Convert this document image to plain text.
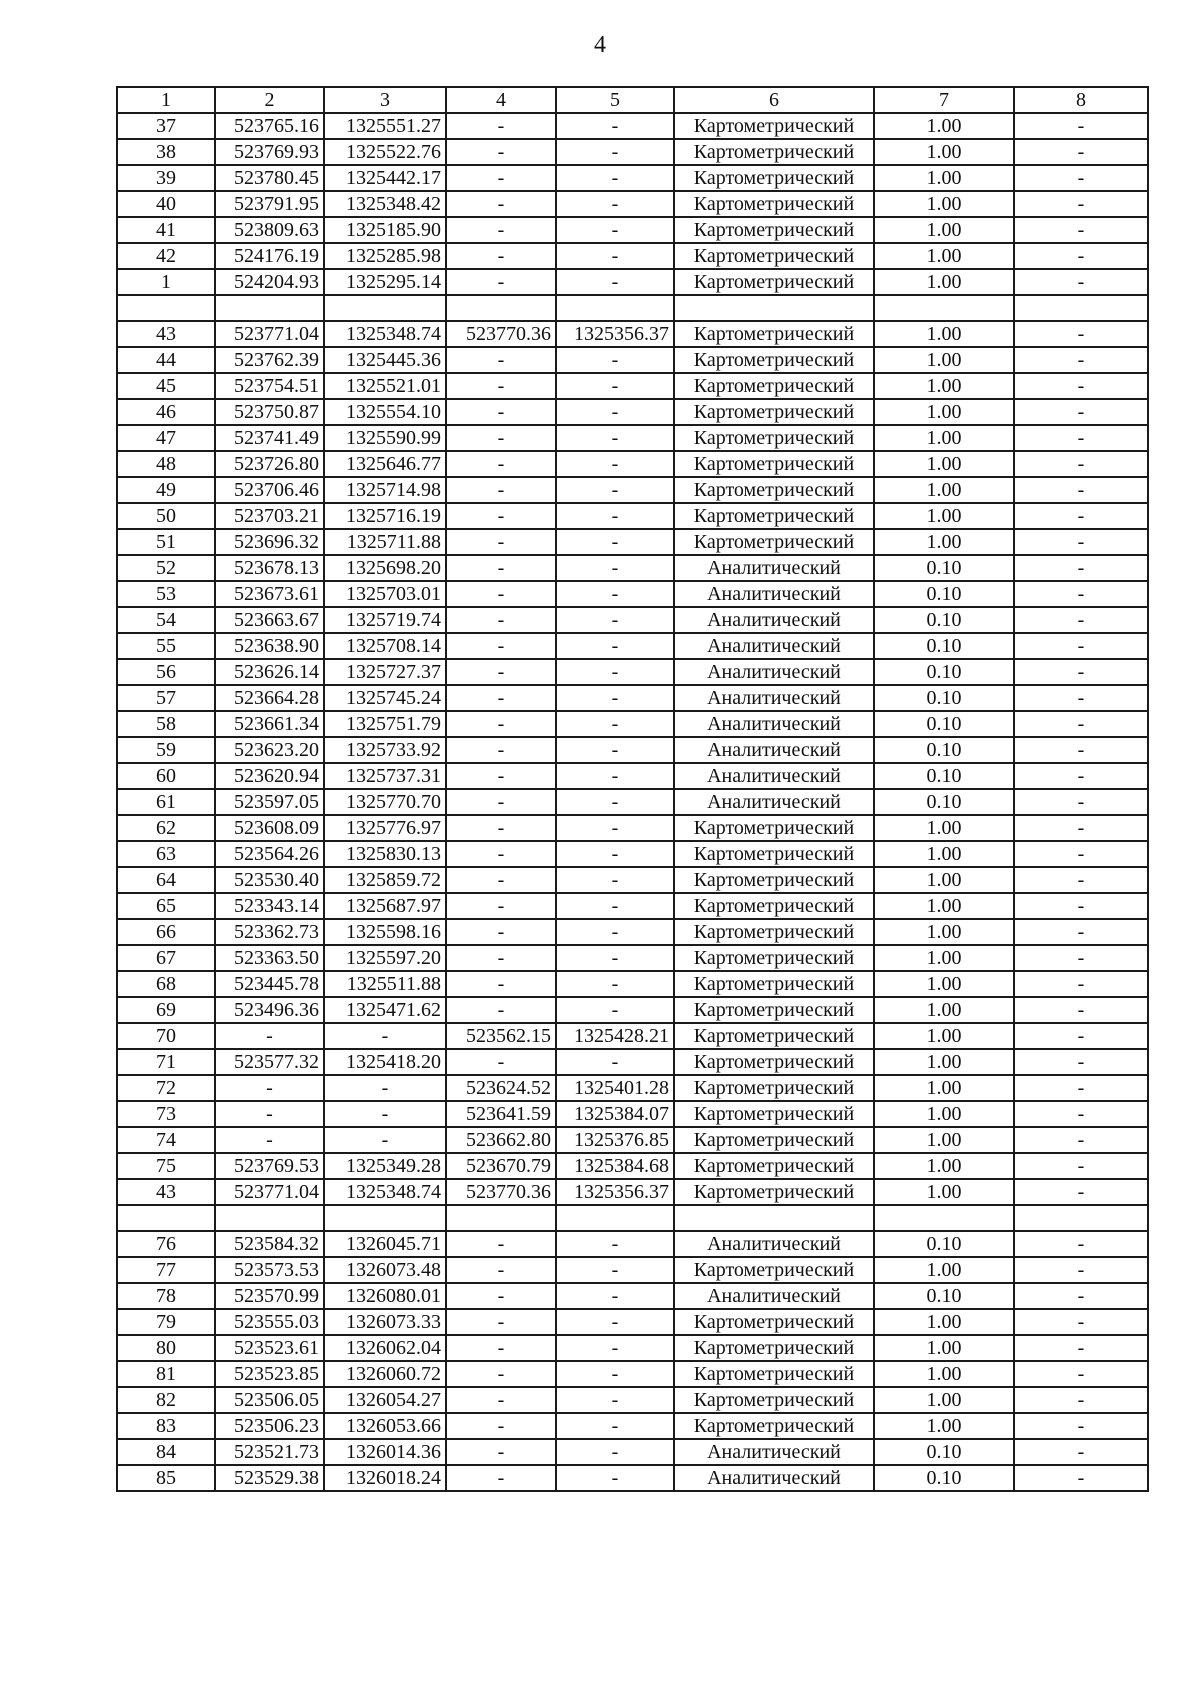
4
1	2	3	4	5	6	7	8
37	523765.16	1325551.27	-	-	Картометрический	1.00	-
38	523769.93	1325522.76	-	-	Картометрический	1.00	-
39	523780.45	1325442.17	-	-	Картометрический	1.00	-
40	523791.95	1325348.42	-	-	Картометрический	1.00	-
41	523809.63	1325185.90	-	-	Картометрический	1.00	-
42	524176.19	1325285.98	-	-	Картометрический	1.00	-
1	524204.93	1325295.14	-	-	Картометрический	1.00	-

43	523771.04	1325348.74	523770.36	1325356.37	Картометрический	1.00	-
44	523762.39	1325445.36	-	-	Картометрический	1.00	-
45	523754.51	1325521.01	-	-	Картометрический	1.00	-
46	523750.87	1325554.10	-	-	Картометрический	1.00	-
47	523741.49	1325590.99	-	-	Картометрический	1.00	-
48	523726.80	1325646.77	-	-	Картометрический	1.00	-
49	523706.46	1325714.98	-	-	Картометрический	1.00	-
50	523703.21	1325716.19	-	-	Картометрический	1.00	-
51	523696.32	1325711.88	-	-	Картометрический	1.00	-
52	523678.13	1325698.20	-	-	Аналитический	0.10	-
53	523673.61	1325703.01	-	-	Аналитический	0.10	-
54	523663.67	1325719.74	-	-	Аналитический	0.10	-
55	523638.90	1325708.14	-	-	Аналитический	0.10	-
56	523626.14	1325727.37	-	-	Аналитический	0.10	-
57	523664.28	1325745.24	-	-	Аналитический	0.10	-
58	523661.34	1325751.79	-	-	Аналитический	0.10	-
59	523623.20	1325733.92	-	-	Аналитический	0.10	-
60	523620.94	1325737.31	-	-	Аналитический	0.10	-
61	523597.05	1325770.70	-	-	Аналитический	0.10	-
62	523608.09	1325776.97	-	-	Картометрический	1.00	-
63	523564.26	1325830.13	-	-	Картометрический	1.00	-
64	523530.40	1325859.72	-	-	Картометрический	1.00	-
65	523343.14	1325687.97	-	-	Картометрический	1.00	-
66	523362.73	1325598.16	-	-	Картометрический	1.00	-
67	523363.50	1325597.20	-	-	Картометрический	1.00	-
68	523445.78	1325511.88	-	-	Картометрический	1.00	-
69	523496.36	1325471.62	-	-	Картометрический	1.00	-
70	-	-	523562.15	1325428.21	Картометрический	1.00	-
71	523577.32	1325418.20	-	-	Картометрический	1.00	-
72	-	-	523624.52	1325401.28	Картометрический	1.00	-
73	-	-	523641.59	1325384.07	Картометрический	1.00	-
74	-	-	523662.80	1325376.85	Картометрический	1.00	-
75	523769.53	1325349.28	523670.79	1325384.68	Картометрический	1.00	-
43	523771.04	1325348.74	523770.36	1325356.37	Картометрический	1.00	-

76	523584.32	1326045.71	-	-	Аналитический	0.10	-
77	523573.53	1326073.48	-	-	Картометрический	1.00	-
78	523570.99	1326080.01	-	-	Аналитический	0.10	-
79	523555.03	1326073.33	-	-	Картометрический	1.00	-
80	523523.61	1326062.04	-	-	Картометрический	1.00	-
81	523523.85	1326060.72	-	-	Картометрический	1.00	-
82	523506.05	1326054.27	-	-	Картометрический	1.00	-
83	523506.23	1326053.66	-	-	Картометрический	1.00	-
84	523521.73	1326014.36	-	-	Аналитический	0.10	-
85	523529.38	1326018.24	-	-	Аналитический	0.10	-
